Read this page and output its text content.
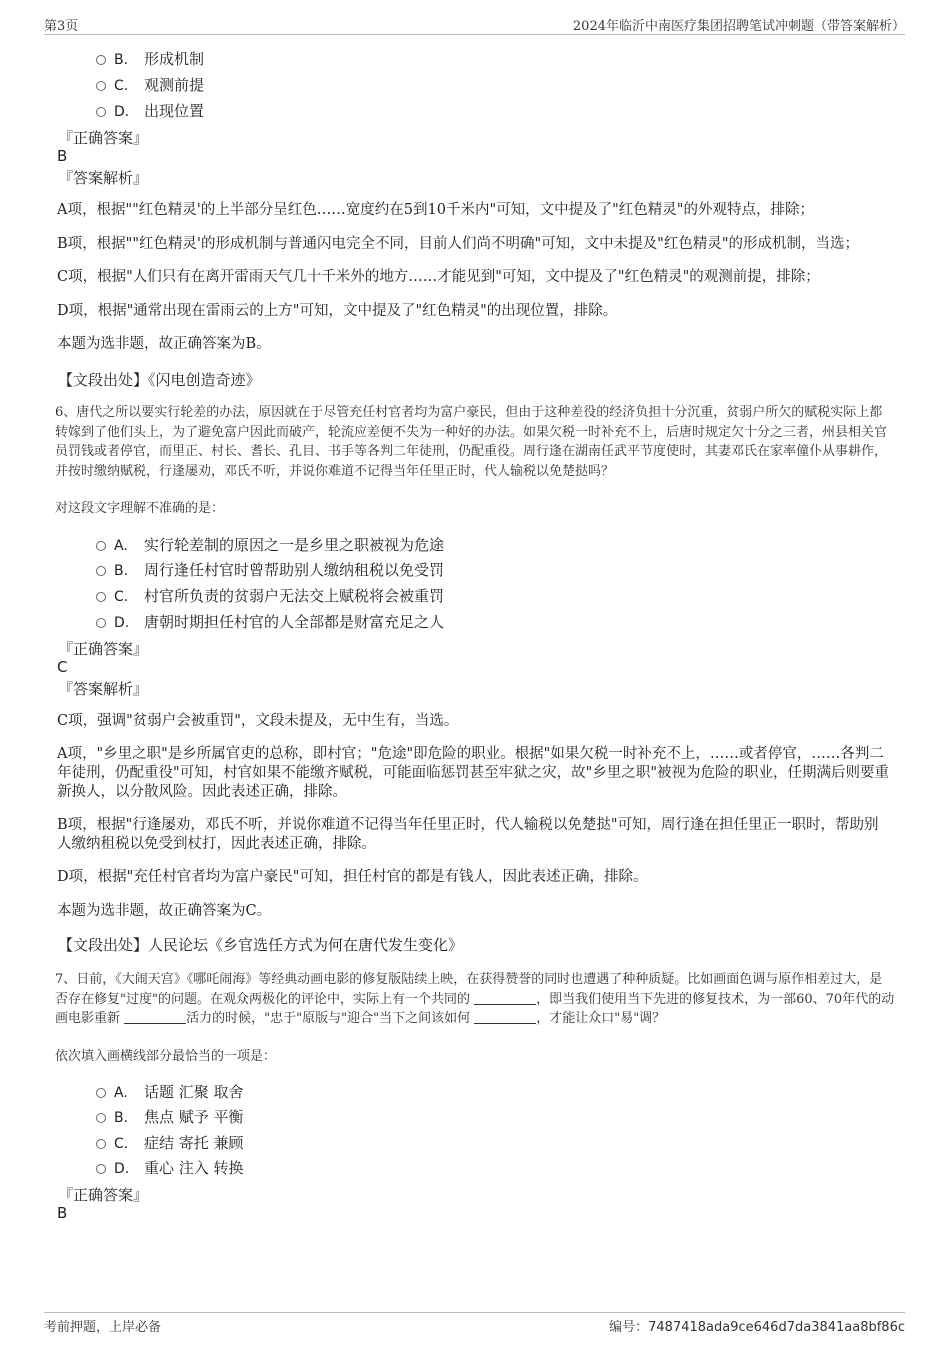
第3页	2024年临沂中南医疗集团招聘笔试冲刺题（带答案解析）
B. 形成机制
C. 观测前提
D. 出现位置
『正确答案』
B
『答案解析』
A项，根据""红色精灵'的上半部分呈红色……宽度约在5到10千米内"可知，文中提及了"红色精灵"的外观特点，排除；
B项，根据""红色精灵'的形成机制与普通闪电完全不同，目前人们尚不明确"可知，文中未提及"红色精灵"的形成机制，当选；
C项，根据"人们只有在离开雷雨天气几十千米外的地方……才能见到"可知，文中提及了"红色精灵"的观测前提，排除；
D项，根据"通常出现在雷雨云的上方"可知，文中提及了"红色精灵"的出现位置，排除。
本题为选非题，故正确答案为B。
【文段出处】《闪电创造奇迹》
6、唐代之所以要实行轮差的办法，原因就在于尽管充任村官者均为富户豪民，但由于这种差役的经济负担十分沉重，贫弱户所欠的赋税实际上都转嫁到了他们头上，为了避免富户因此而破产，轮流应差便不失为一种好的办法。如果欠税一时补充不上，后唐时规定欠十分之三者，州县相关官员罚钱或者停官，而里正、村长、耆长、孔目、书手等各判二年徒刑，仍配重役。周行逢在湖南任武平节度使时，其妻邓氏在家率僮仆从事耕作，并按时缴纳赋税，行逢屡劝，邓氏不听，并说你难道不记得当年任里正时，代人输税以免楚挞吗？
对这段文字理解不准确的是：
A. 实行轮差制的原因之一是乡里之职被视为危途
B. 周行逢任村官时曾帮助别人缴纳租税以免受罚
C. 村官所负责的贫弱户无法交上赋税将会被重罚
D. 唐朝时期担任村官的人全部都是财富充足之人
『正确答案』
C
『答案解析』
C项，强调"贫弱户会被重罚"，文段未提及，无中生有，当选。
A项，"乡里之职"是乡所属官吏的总称，即村官；"危途"即危险的职业。根据"如果欠税一时补充不上，……或者停官，……各判二年徒刑，仍配重役"可知，村官如果不能缴齐赋税，可能面临惩罚甚至牢狱之灾，故"乡里之职"被视为危险的职业，任期满后则要重新换人，以分散风险。因此表述正确，排除。
B项，根据"行逢屡劝，邓氏不听，并说你难道不记得当年任里正时，代人输税以免楚挞"可知，周行逢在担任里正一职时，帮助别人缴纳租税以免受到杖打，因此表述正确，排除。
D项，根据"充任村官者均为富户豪民"可知，担任村官的都是有钱人，因此表述正确，排除。
本题为选非题，故正确答案为C。
【文段出处】人民论坛《乡官选任方式为何在唐代发生变化》
7、日前，《大闹天宫》《哪吒闹海》等经典动画电影的修复版陆续上映，在获得赞誉的同时也遭遇了种种质疑。比如画面色调与原作相差过大，是否存在修复"过度"的问题。在观众两极化的评论中，实际上有一个共同的	，即当我们使用当下先进的修复技术，为一部60、70年代的动画电影重新	活力的时候，"忠于"原版与"迎合"当下之间该如何	，才能让众口"易"调？
依次填入画横线部分最恰当的一项是：
A. 话题 汇聚 取舍
B. 焦点 赋予 平衡
C. 症结 寄托 兼顾
D. 重心 注入 转换
『正确答案』
B
考前押题，上岸必备	编号：7487418ada9ce646d7da3841aa8bf86c
